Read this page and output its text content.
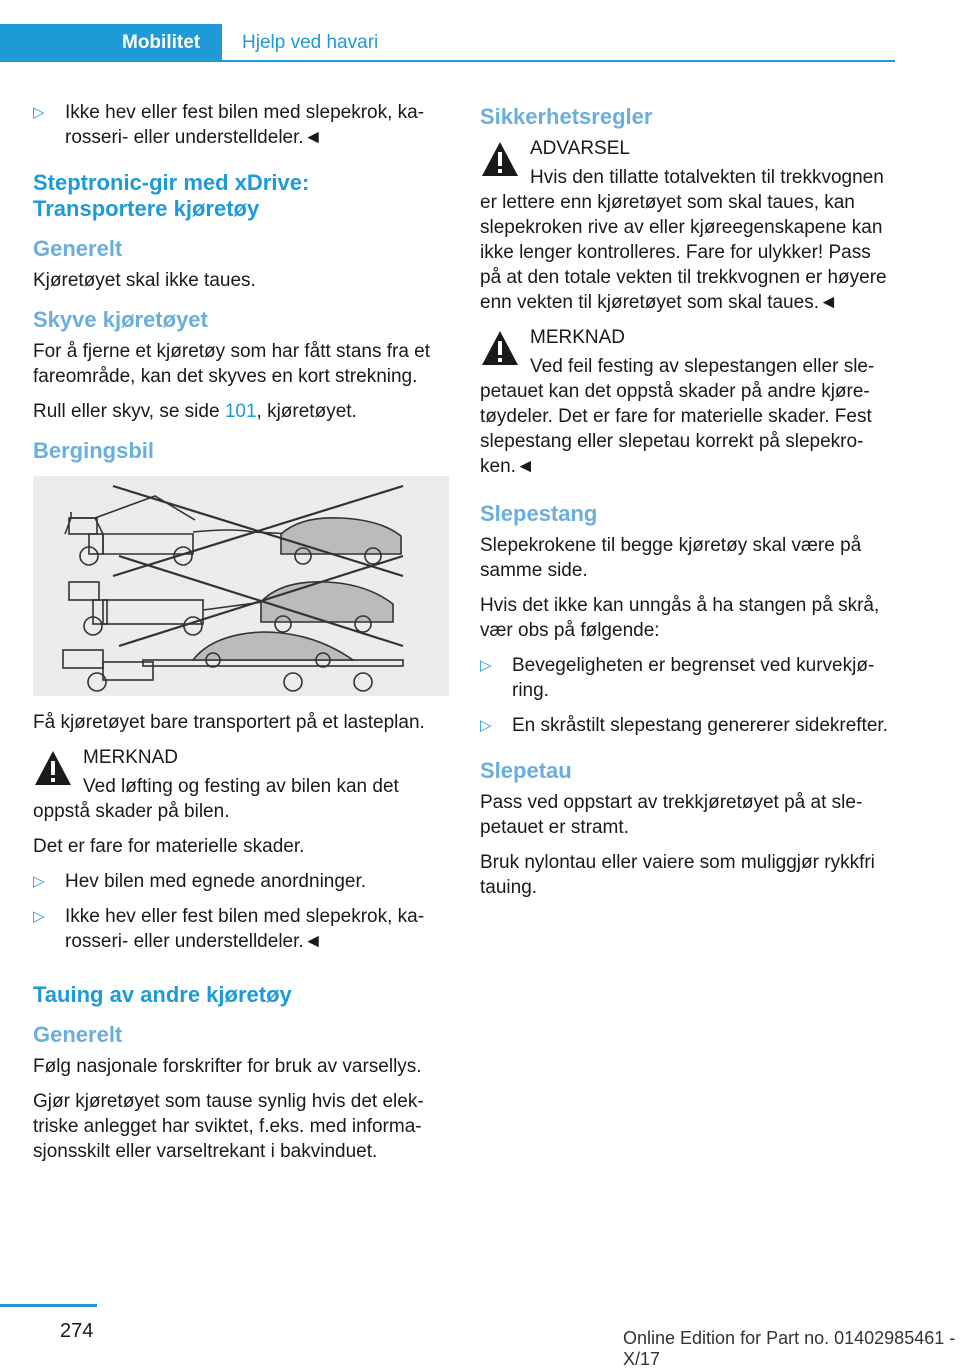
Mobilitet	Hjelp ved havari
▷ Ikke hev eller fest bilen med slepekrok, karosseri- eller understelldeler.◄
Steptronic-gir med xDrive: Transportere kjøretøy
Generelt

Kjøretøyet skal ikke taues.

Skyve kjøretøyet

For å fjerne et kjøretøy som har fått stans fra et fareområde, kan det skyves en kort strekning.

Rull eller skyv, se side 101, kjøretøyet.

Bergingsbil

Få kjøretøyet bare transportert på et lasteplan.

MERKNAD

Ved løfting og festing av bilen kan det oppstå skader på bilen.

Det er fare for materielle skader.

▷ Hev bilen med egnede anordninger.
▷ Ikke hev eller fest bilen med slepekrok, karosseri- eller understelldeler.◄
Tauing av andre kjøretøy
Generelt

Følg nasjonale forskrifter for bruk av varsellys.

Gjør kjøretøyet som tause synlig hvis det elektriske anlegget har sviktet, f.eks. med informasjonsskilt eller varseltrekant i bakvinduet.

Sikkerhetsregler
ADVARSEL

Hvis den tillatte totalvekten til trekkvognen er lettere enn kjøretøyet som skal taues, kan slepekroken rive av eller kjøreegenskapene kan ikke lenger kontrolleres. Fare for ulykker! Pass på at den totale vekten til trekkvognen er høyere enn vekten til kjøretøyet som skal taues.◄

MERKNAD

Ved feil festing av slepestangen eller slepetauet kan det oppstå skader på andre kjøretøydeler. Det er fare for materielle skader. Fest slepestang eller slepetau korrekt på slepekroken.◄

Slepestang

Slepekrokene til begge kjøretøy skal være på samme side.

Hvis det ikke kan unngås å ha stangen på skrå, vær obs på følgende:

▷ Bevegeligheten er begrenset ved kurvekjøring.
▷ En skråstilt slepestang genererer sidekrefter.
Slepetau

Pass ved oppstart av trekkjøretøyet på at slepetauet er stramt.

Bruk nylontau eller vaiere som muliggjør rykkfri tauing.

274	Online Edition for Part no. 01402985461 - X/17
